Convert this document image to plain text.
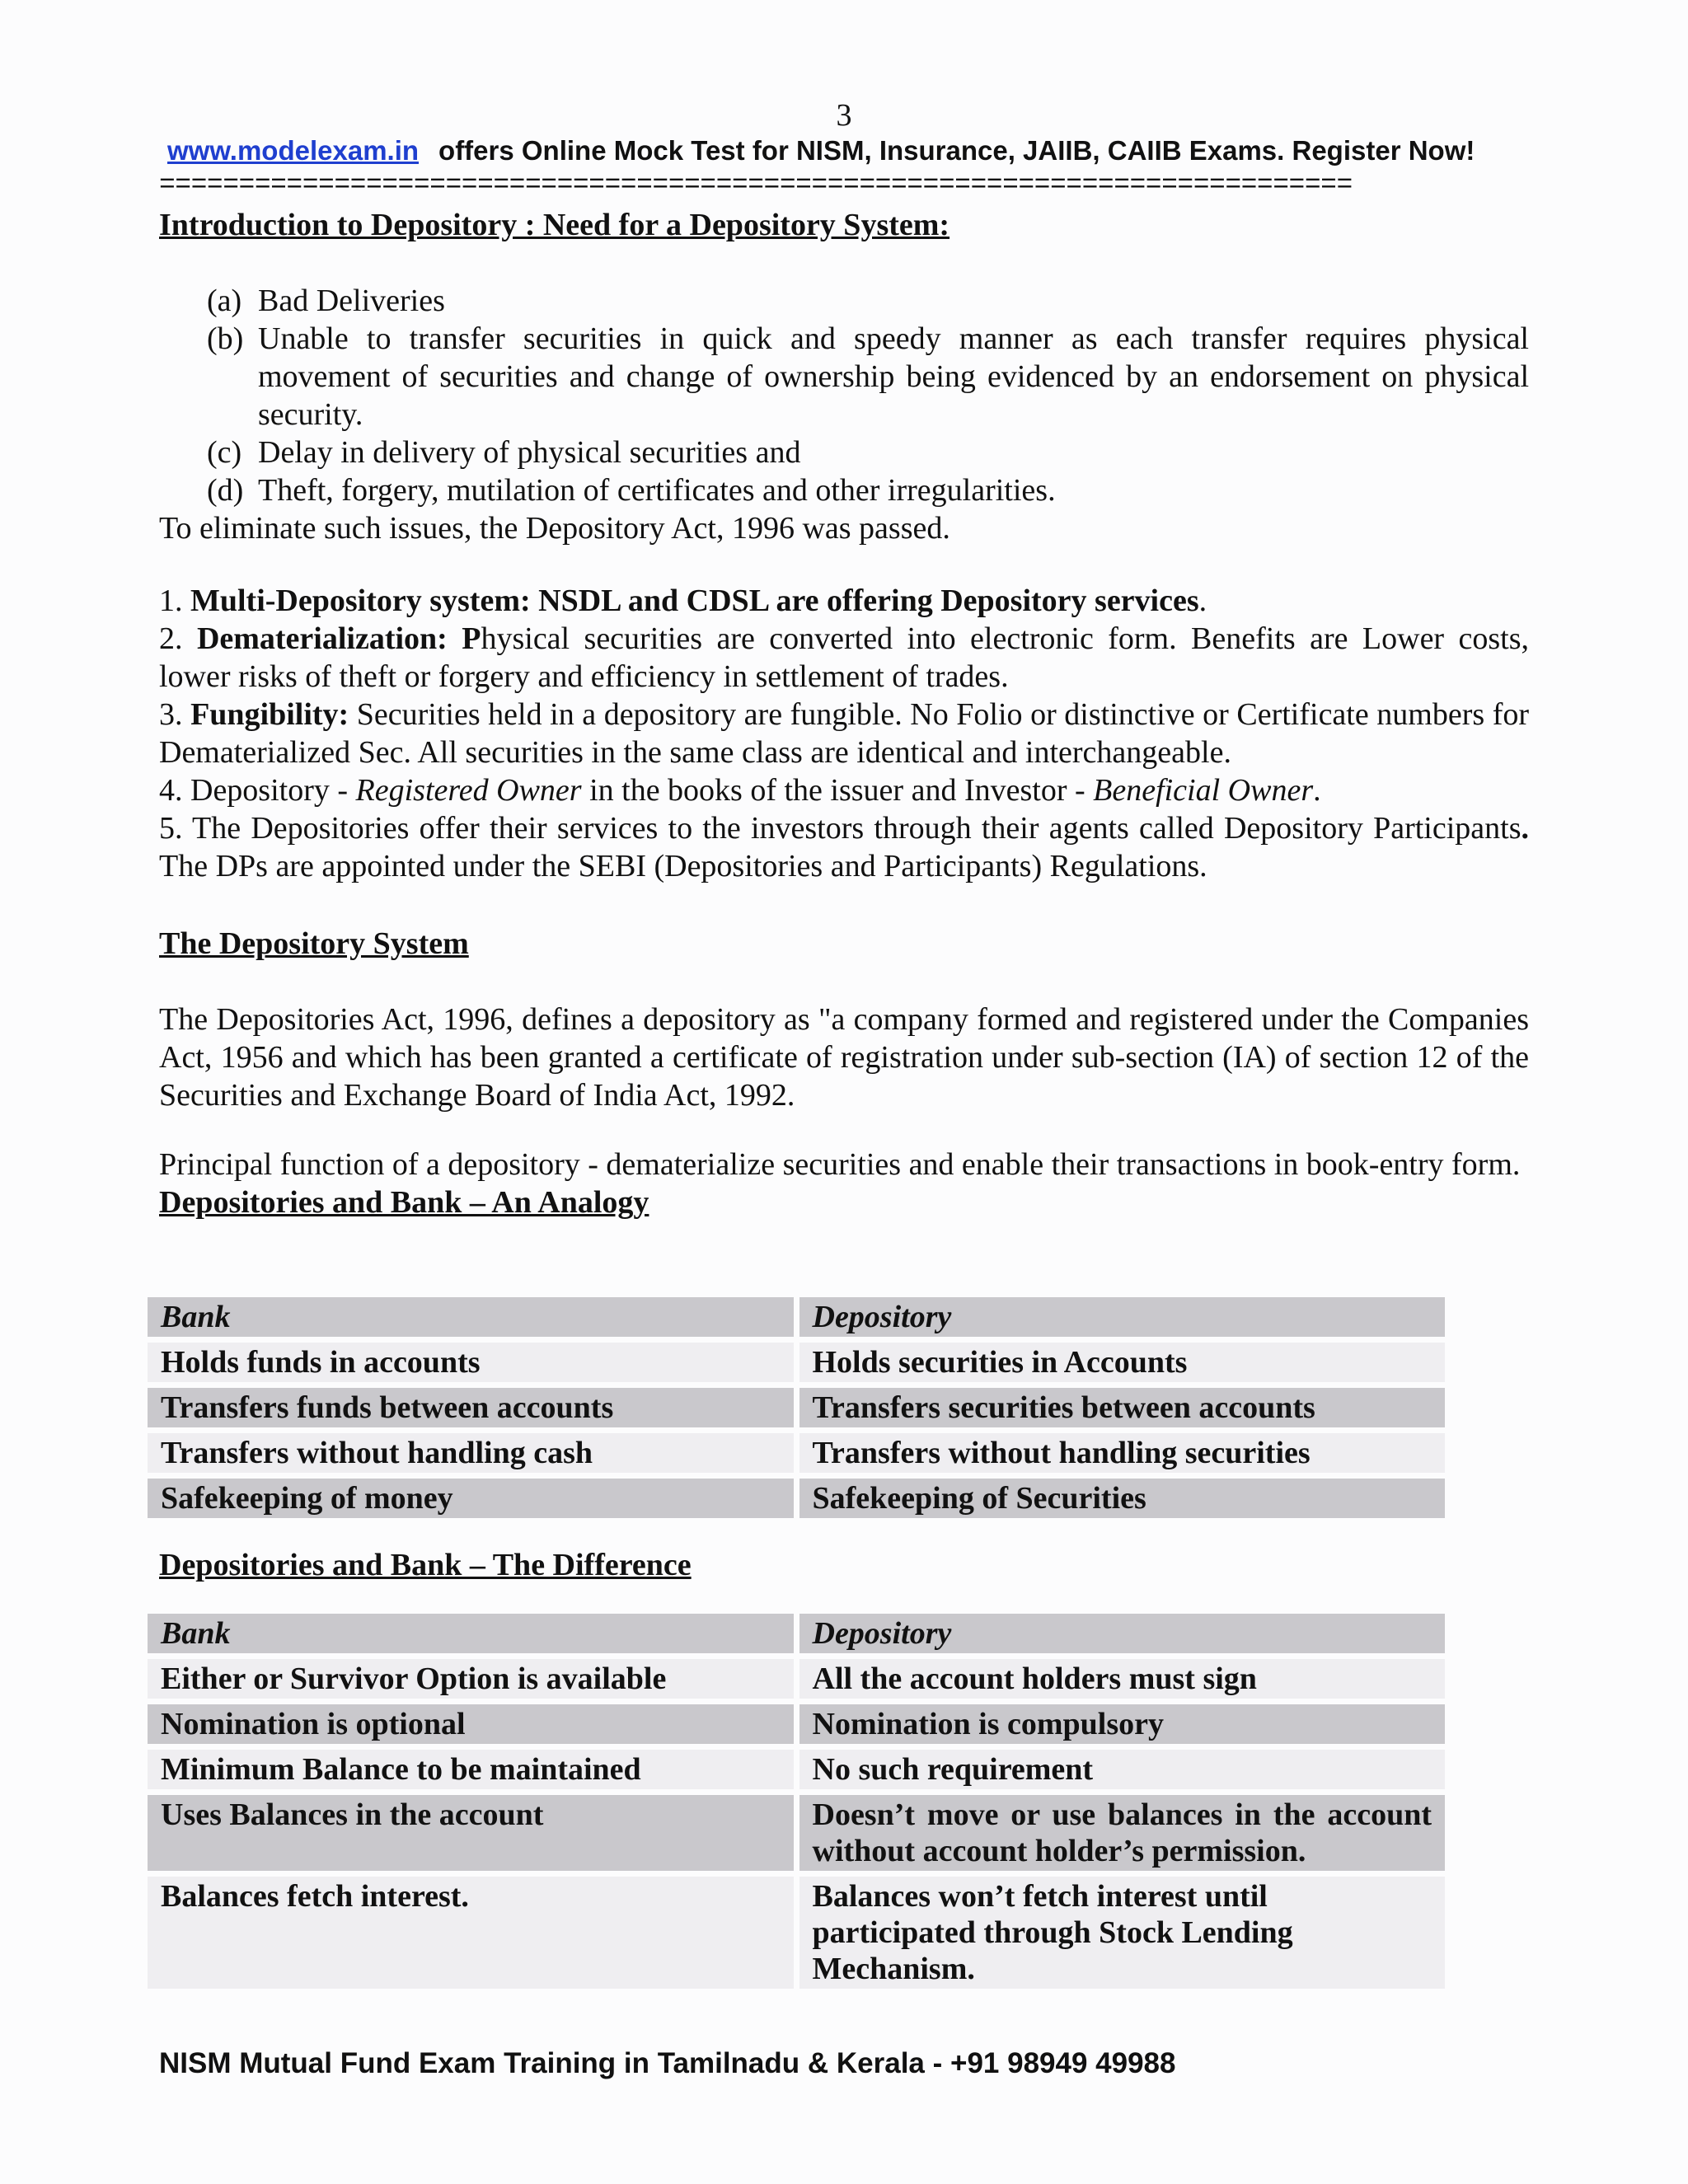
3
www.modelexam.in offers Online Mock Test for NISM, Insurance, JAIIB, CAIIB Exams. Register Now!
===========================================================================
Introduction to Depository : Need for a Depository System:
(a) Bad Deliveries
(b) Unable to transfer securities in quick and speedy manner as each transfer requires physical movement of securities and change of ownership being evidenced by an endorsement on physical security.
(c) Delay in delivery of physical securities and
(d) Theft, forgery, mutilation of certificates and other irregularities.

To eliminate such issues, the Depository Act, 1996 was passed.

1. Multi-Depository system: NSDL and CDSL are offering Depository services.

2. Dematerialization: Physical securities are converted into electronic form. Benefits are Lower costs, lower risks of theft or forgery and efficiency in settlement of trades.

3. Fungibility: Securities held in a depository are fungible. No Folio or distinctive or Certificate numbers for Dematerialized Sec. All securities in the same class are identical and interchangeable.

4. Depository - Registered Owner in the books of the issuer and Investor - Beneficial Owner.

5. The Depositories offer their services to the investors through their agents called Depository Participants. The DPs are appointed under the SEBI (Depositories and Participants) Regulations.

The Depository System

The Depositories Act, 1996, defines a depository as "a company formed and registered under the Companies Act, 1956 and which has been granted a certificate of registration under sub-section (IA) of section 12 of the Securities and Exchange Board of India Act, 1992.

Principal function of a depository - dematerialize securities and enable their transactions in book-entry form.

Depositories and Bank – An Analogy
Bank	Depository
Holds funds in accounts	Holds securities in Accounts
Transfers funds between accounts	Transfers securities between accounts
Transfers without handling cash	Transfers without handling securities
Safekeeping of money	Safekeeping of Securities
Depositories and Bank – The Difference
Bank	Depository
Either or Survivor Option is available	All the account holders must sign
Nomination is optional	Nomination is compulsory
Minimum Balance to be maintained	No such requirement
Uses Balances in the account	Doesn’t move or use balances in the account without account holder’s permission.
Balances fetch interest.	Balances won’t fetch interest until participated through Stock Lending Mechanism.
NISM Mutual Fund Exam Training in Tamilnadu & Kerala - +91 98949 49988
